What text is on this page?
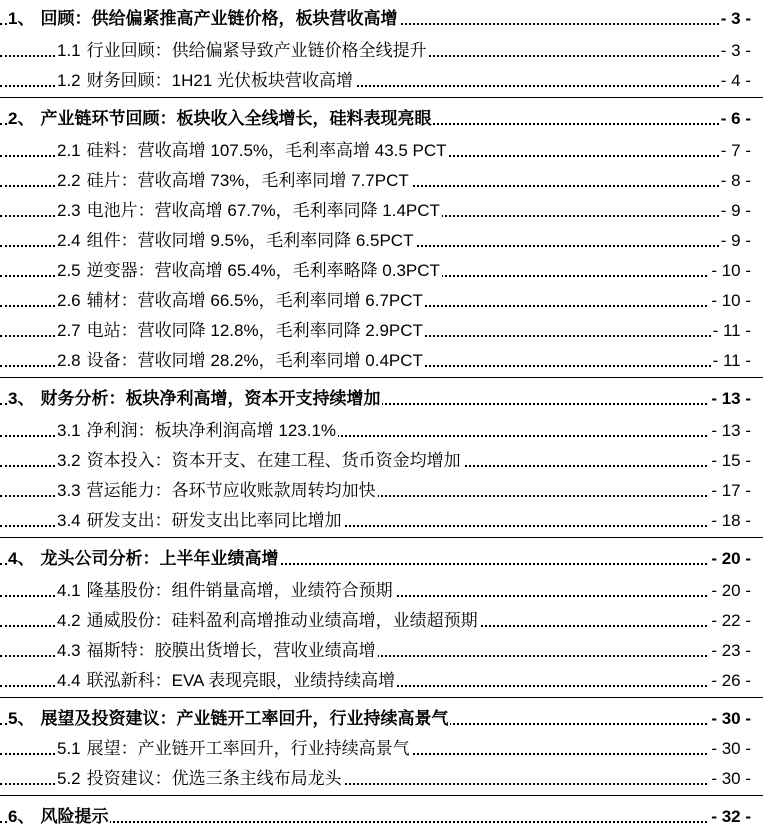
1、 回顾：供给偏紧推高产业链价格，板块营收高增	- 3 -
1.1 行业回顾：供给偏紧导致产业链价格全线提升	- 3 -
1.2 财务回顾：1H21 光伏板块营收高增	- 4 -
2、 产业链环节回顾：板块收入全线增长，硅料表现亮眼	- 6 -
2.1 硅料：营收高增 107.5%，毛利率高增 43.5 PCT	- 7 -
2.2 硅片：营收高增 73%，毛利率同增 7.7PCT	- 8 -
2.3 电池片：营收高增 67.7%，毛利率同降 1.4PCT	- 9 -
2.4 组件：营收同增 9.5%，毛利率同降 6.5PCT	- 9 -
2.5 逆变器：营收高增 65.4%，毛利率略降 0.3PCT	- 10 -
2.6 辅材：营收高增 66.5%，毛利率同增 6.7PCT	- 10 -
2.7 电站：营收同降 12.8%，毛利率同降 2.9PCT	- 11 -
2.8 设备：营收同增 28.2%，毛利率同增 0.4PCT	- 11 -
3、 财务分析：板块净利高增，资本开支持续增加	- 13 -
3.1 净利润：板块净利润高增 123.1%	- 13 -
3.2 资本投入：资本开支、在建工程、货币资金均增加	- 15 -
3.3 营运能力：各环节应收账款周转均加快	- 17 -
3.4 研发支出：研发支出比率同比增加	- 18 -
4、 龙头公司分析：上半年业绩高增	- 20 -
4.1 隆基股份：组件销量高增，业绩符合预期	- 20 -
4.2 通威股份：硅料盈利高增推动业绩高增，业绩超预期	- 22 -
4.3 福斯特：胶膜出货增长，营收业绩高增	- 23 -
4.4 联泓新科：EVA 表现亮眼，业绩持续高增	- 26 -
5、 展望及投资建议：产业链开工率回升，行业持续高景气	- 30 -
5.1 展望：产业链开工率回升，行业持续高景气	- 30 -
5.2 投资建议：优选三条主线布局龙头	- 30 -
6、 风险提示	- 32 -
